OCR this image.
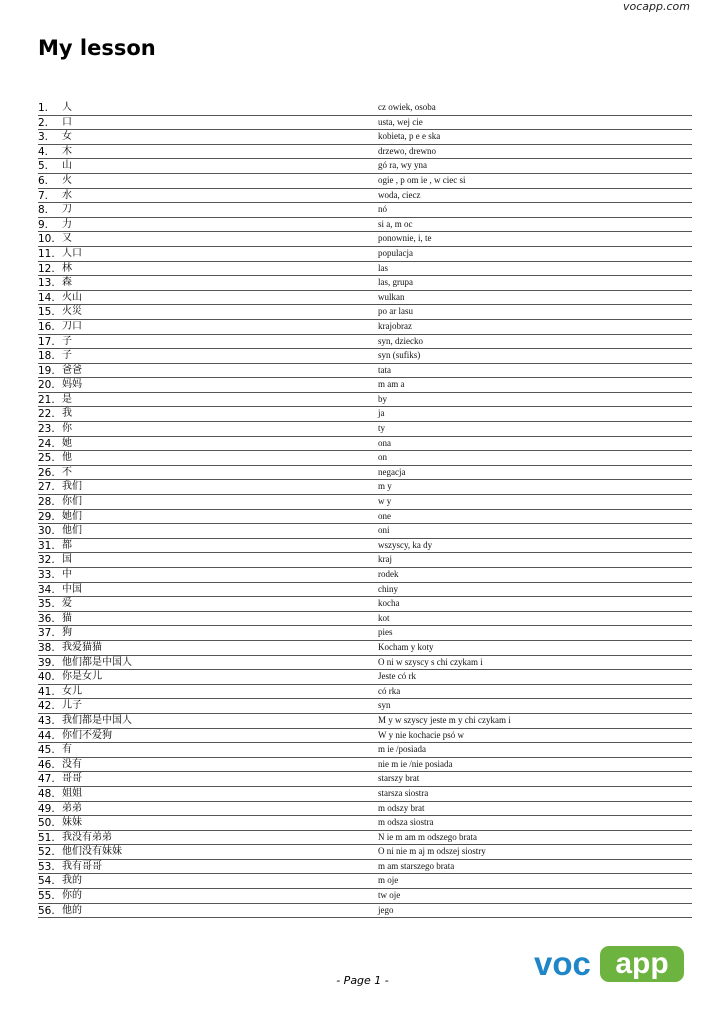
vocapp.com
My lesson
1. 人	cz owiek, osoba
2. 口	usta, wej cie
3. 女	kobieta, p e e ska
4. 木	drzewo, drewno
5. 山	gó ra, wy yna
6. 火	ogie , p om ie , w ciec si
7. 水	woda, ciecz
8. 刀	nó
9. 力	si a, m oc
10. 又	ponownie, i, te
11. 人口	populacja
12. 林	las
13. 森	las, grupa
14. 火山	wulkan
15. 火災	po ar lasu
16. 刀口	krajobraz
17. 子	syn, dziecko
18. 子	syn (sufiks)
19. 爸爸	tata
20. 妈妈	m am a
21. 是	by
22. 我	ja
23. 你	ty
24. 她	ona
25. 他	on
26. 不	negacja
27. 我们	m y
28. 你们	w y
29. 她们	one
30. 他们	oni
31. 都	wszyscy, ka dy
32. 国	kraj
33. 中	rodek
34. 中国	chiny
35. 爱	kocha
36. 猫	kot
37. 狗	pies
38. 我爱猫猫	Kocham y koty
39. 他们都是中国人	O ni w szyscy s chi czykam i
40. 你是女儿	Jeste có rk
41. 女儿	có rka
42. 儿子	syn
43. 我们都是中国人	M y w szyscy jeste m y chi czykam i
44. 你们不爱狗	W y nie kochacie psó w
45. 有	m ie /posiada
46. 没有	nie m ie /nie posiada
47. 哥哥	starszy brat
48. 姐姐	starsza siostra
49. 弟弟	m odszy brat
50. 妹妹	m odsza siostra
51. 我没有弟弟	N ie m am m odszego brata
52. 他们没有妹妹	O ni nie m aj m odszej siostry
53. 我有哥哥	m am starszego brata
54. 我的	m oje
55. 你的	tw oje
56. 他的	jego
voc app
- Page 1 -
